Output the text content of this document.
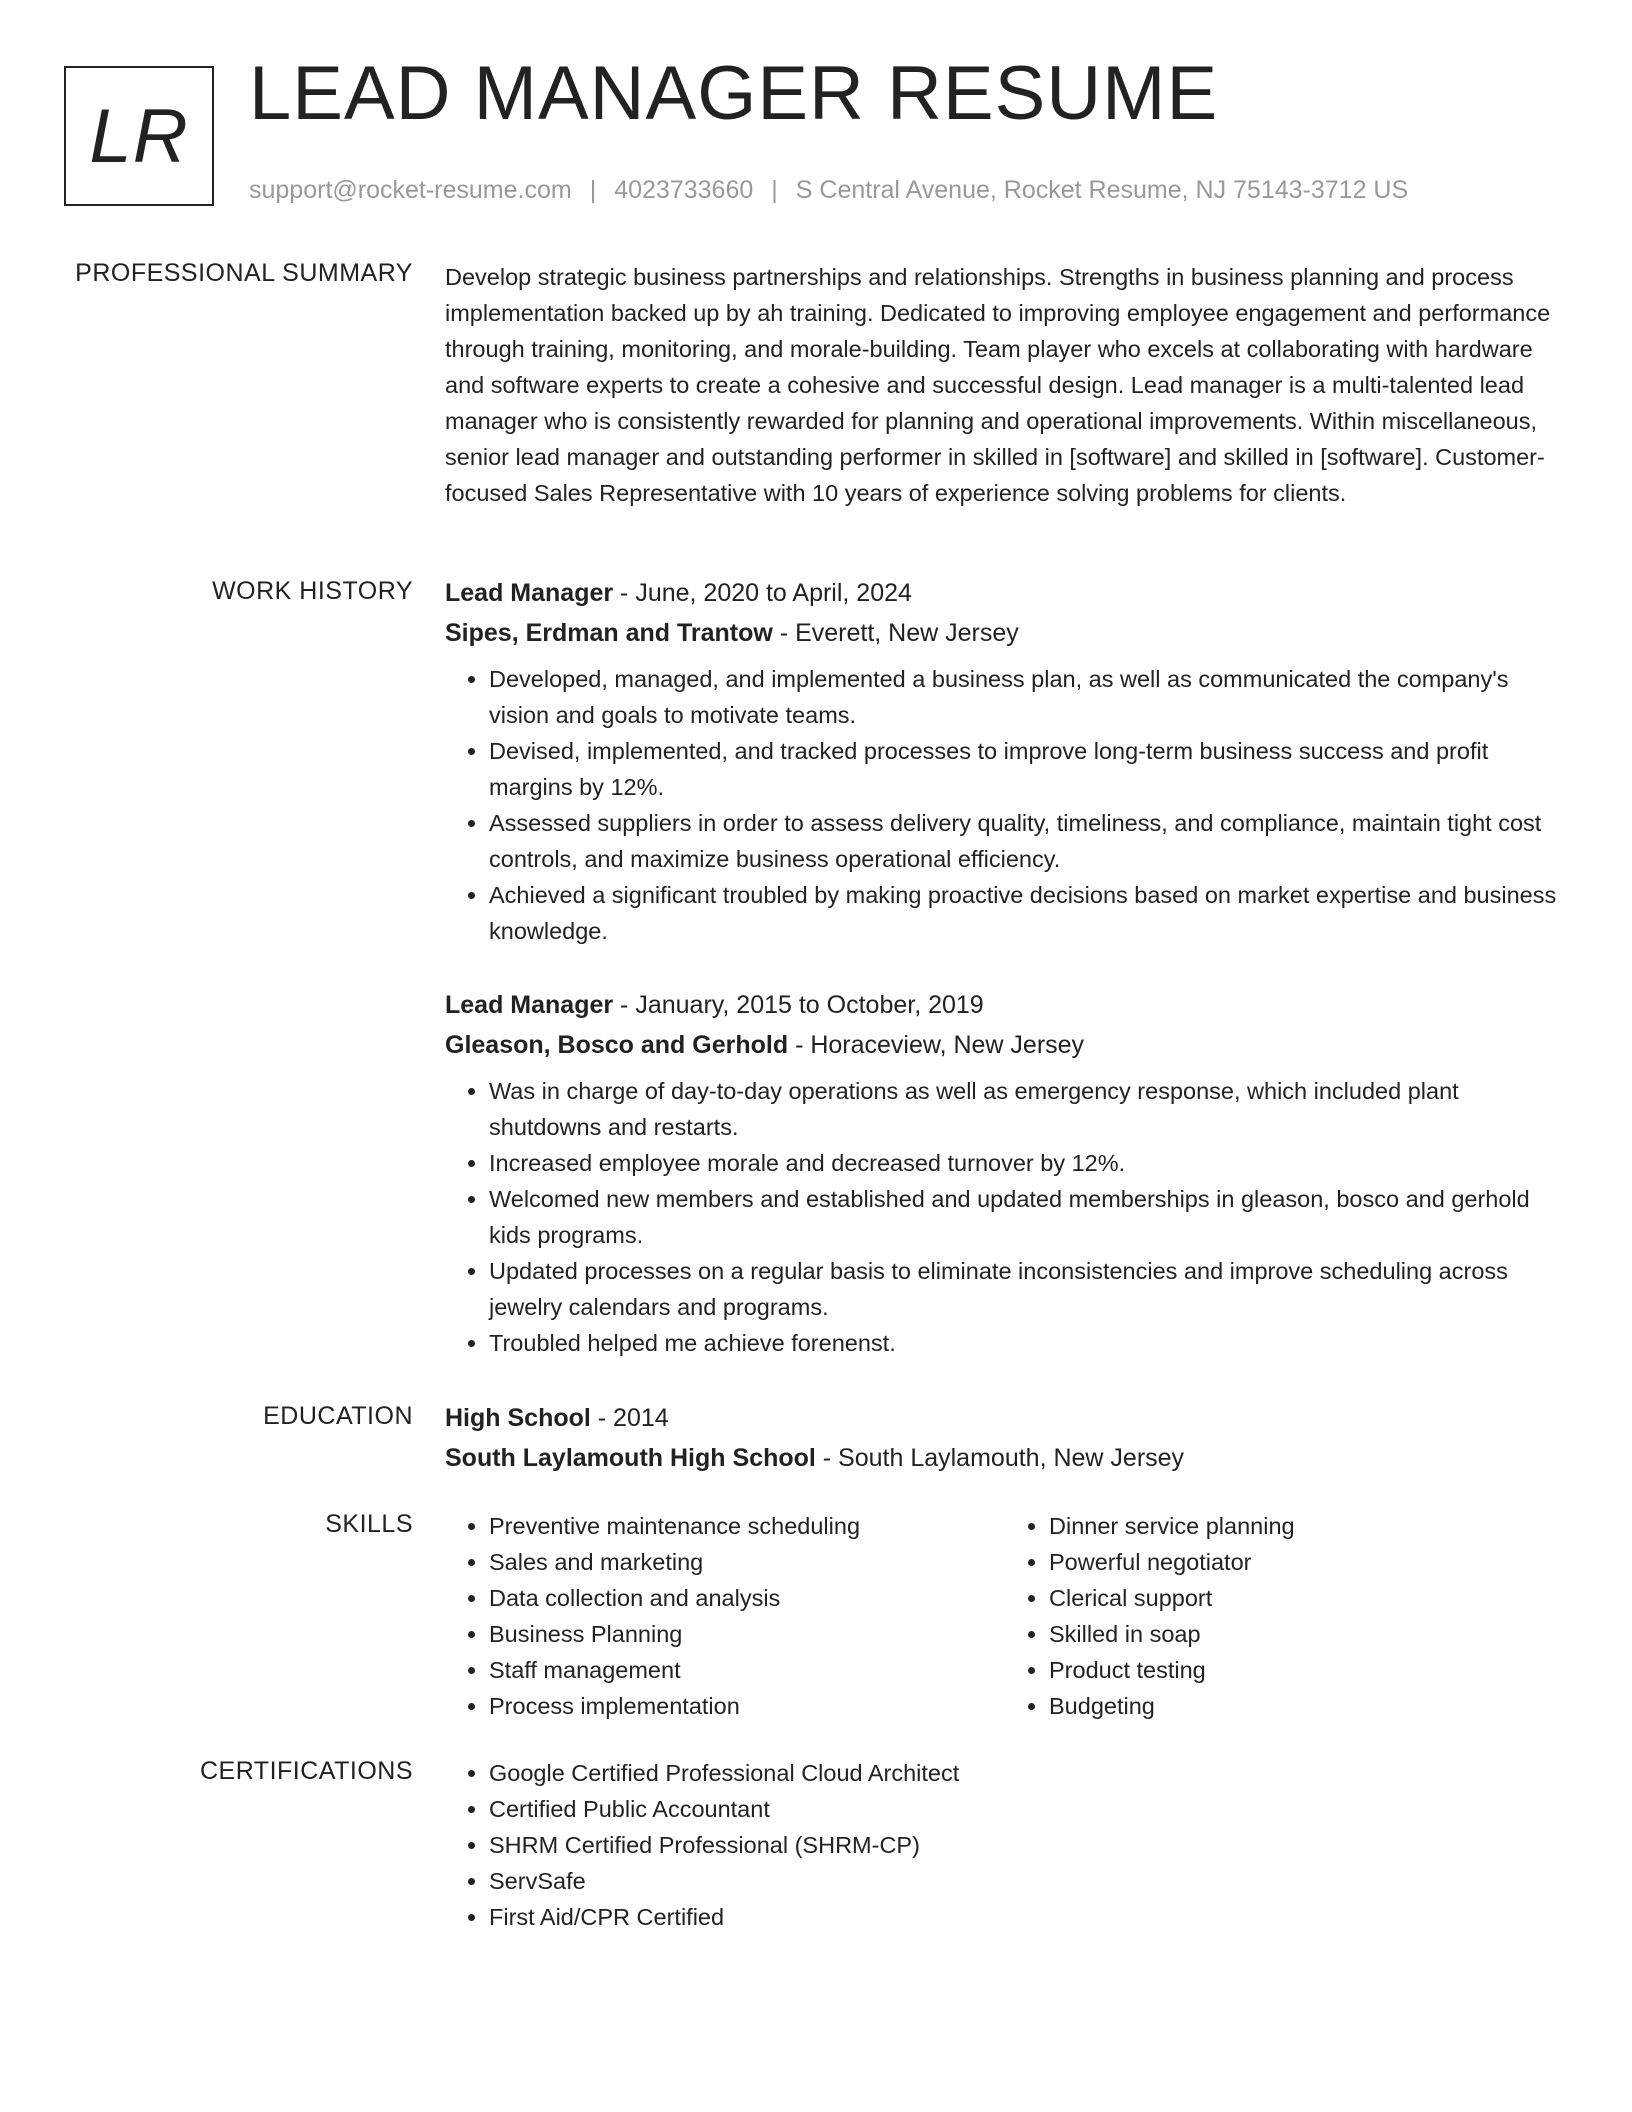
LR LEAD MANAGER RESUME
support@rocket-resume.com | 4023733660 | S Central Avenue, Rocket Resume, NJ 75143-3712 US
PROFESSIONAL SUMMARY Develop strategic business partnerships and relationships. Strengths in business planning and process implementation backed up by ah training. Dedicated to improving employee engagement and performance through training, monitoring, and morale-building. Team player who excels at collaborating with hardware and software experts to create a cohesive and successful design. Lead manager is a multi-talented lead manager who is consistently rewarded for planning and operational improvements. Within miscellaneous, senior lead manager and outstanding performer in skilled in [software] and skilled in [software]. Customer-focused Sales Representative with 10 years of experience solving problems for clients.
WORK HISTORY Lead Manager - June, 2020 to April, 2024
Sipes, Erdman and Trantow - Everett, New Jersey
• Developed, managed, and implemented a business plan, as well as communicated the company's vision and goals to motivate teams.
• Devised, implemented, and tracked processes to improve long-term business success and profit margins by 12%.
• Assessed suppliers in order to assess delivery quality, timeliness, and compliance, maintain tight cost controls, and maximize business operational efficiency.
• Achieved a significant troubled by making proactive decisions based on market expertise and business knowledge.
Lead Manager - January, 2015 to October, 2019
Gleason, Bosco and Gerhold - Horaceview, New Jersey
• Was in charge of day-to-day operations as well as emergency response, which included plant shutdowns and restarts.
• Increased employee morale and decreased turnover by 12%.
• Welcomed new members and established and updated memberships in gleason, bosco and gerhold kids programs.
• Updated processes on a regular basis to eliminate inconsistencies and improve scheduling across jewelry calendars and programs.
• Troubled helped me achieve forenenst.
EDUCATION High School - 2014
South Laylamouth High School - South Laylamouth, New Jersey
SKILLS	• Preventive maintenance scheduling
• Sales and marketing
• Data collection and analysis
• Business Planning
• Staff management
• Process implementation
• Dinner service planning
• Powerful negotiator
• Clerical support
• Skilled in soap
• Product testing
• Budgeting
CERTIFICATIONS	• Google Certified Professional Cloud Architect
• Certified Public Accountant
• SHRM Certified Professional (SHRM-CP)
• ServSafe
• First Aid/CPR Certified
